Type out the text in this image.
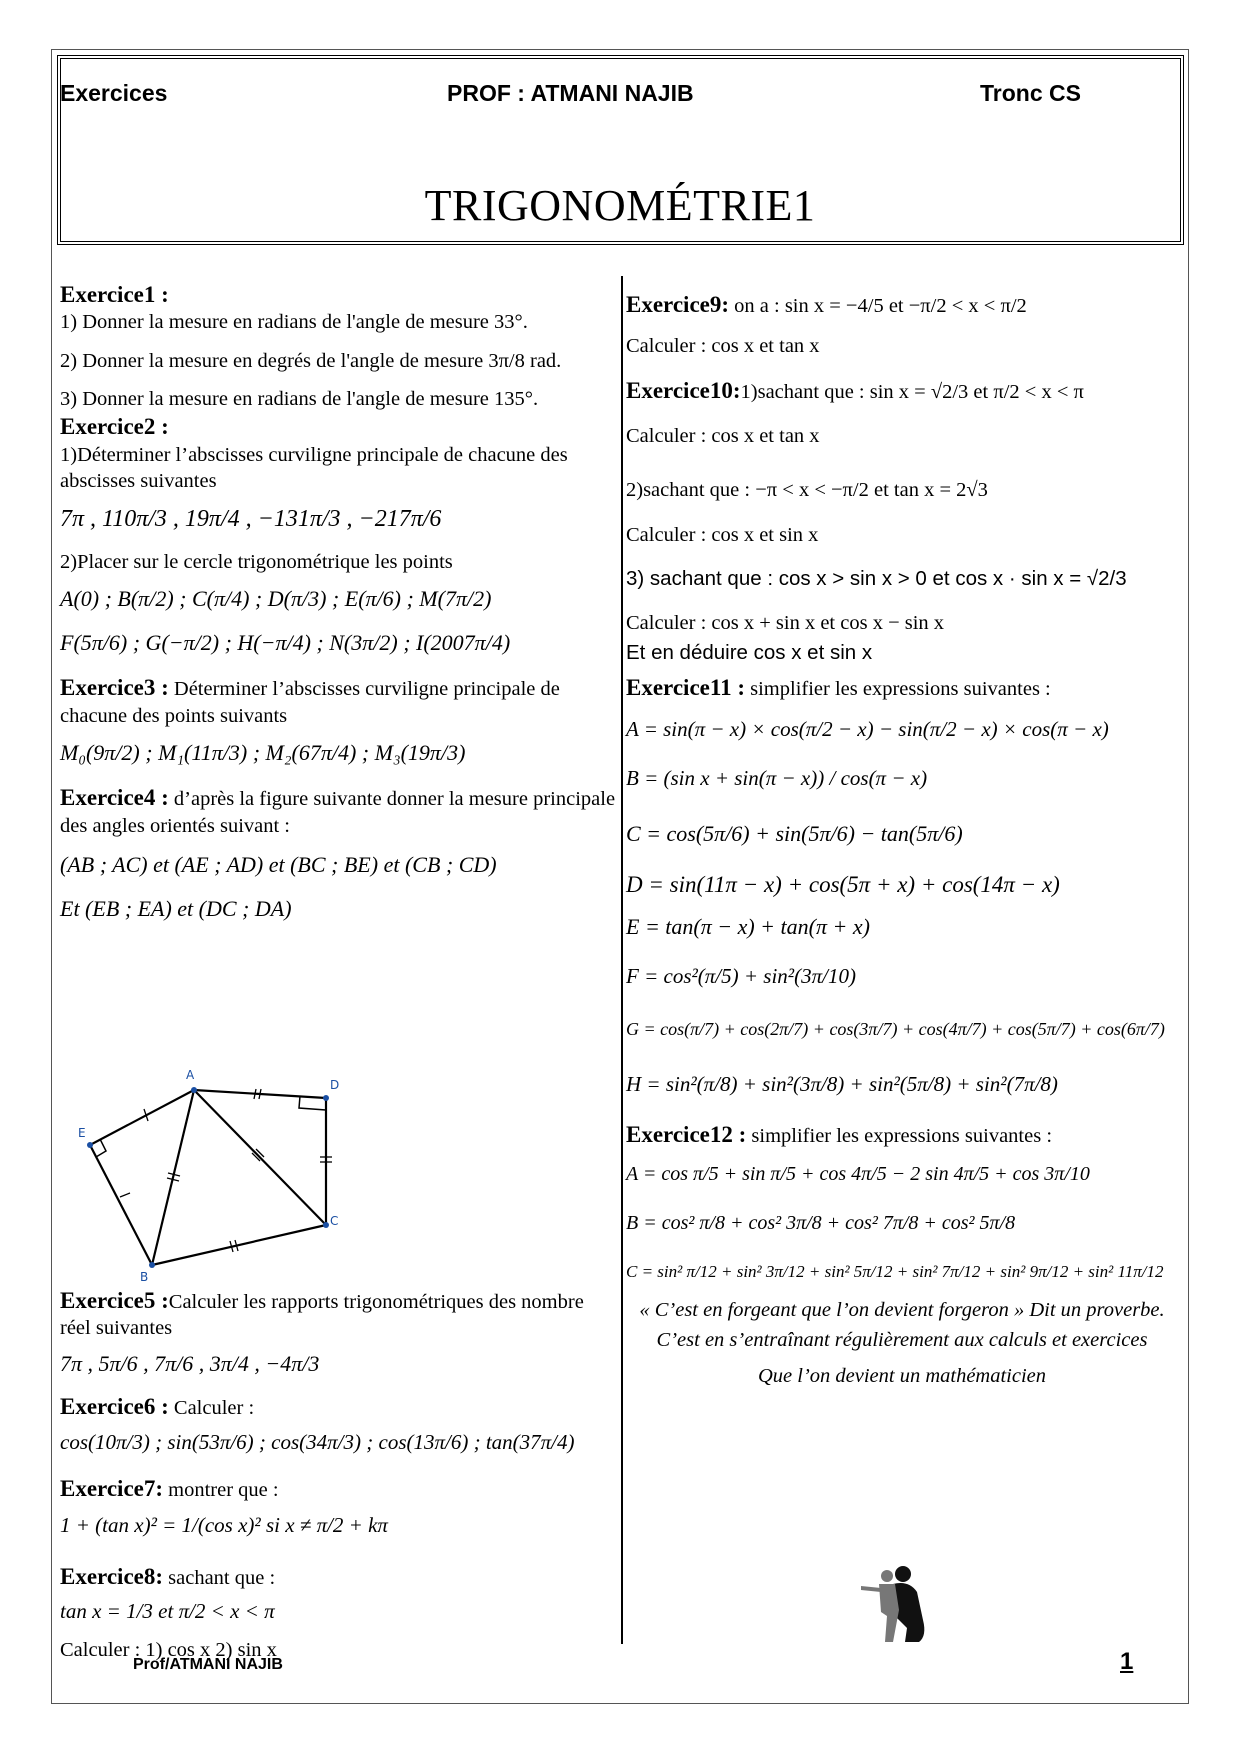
Exercices	PROF : ATMANI NAJIB	Tronc CS
TRIGONOMÉTRIE1

Exercice1 :

1) Donner la mesure en radians de l'angle de mesure 33°.

2) Donner la mesure en degrés de l'angle de mesure 3π/8 rad.

3) Donner la mesure en radians de l'angle de mesure 135°.

Exercice2 :

1)Déterminer l’abscisses curviligne principale de chacune des abscisses suivantes

7π , 110π/3 , 19π/4 , −131π/3 , −217π/6

2)Placer sur le cercle trigonométrique les points

A(0) ; B(π/2) ; C(π/4) ; D(π/3) ; E(π/6) ; M(7π/2)

F(5π/6) ; G(−π/2) ; H(−π/4) ; N(3π/2) ; I(2007π/4)

Exercice3 : Déterminer l’abscisses curviligne principale de chacune des points suivants

M₀(9π/2) ; M₁(11π/3) ; M₂(67π/4) ; M₃(19π/3)

Exercice4 : d’après la figure suivante donner la mesure principale des angles orientés suivant :

(AB ; AC) et (AE ; AD) et (BC ; BE) et (CB ; CD)

Et (EB ; EA) et (DC ; DA)

A
E
D
B
C

Exercice5 :Calculer les rapports trigonométriques des nombre réel suivantes

7π , 5π/6 , 7π/6 , 3π/4 , −4π/3

Exercice6 : Calculer :

cos(10π/3) ; sin(53π/6) ; cos(34π/3) ; cos(13π/6) ; tan(37π/4)

Exercice7: montrer que :

1 + (tan x)² = 1/(cos x)² si x ≠ π/2 + kπ

Exercice8: sachant que :

tan x = 1/3 et π/2 < x < π

Calculer : 1) cos x 2) sin x

Exercice9: on a : sin x = −4/5 et −π/2 < x < π/2

Calculer : cos x et tan x

Exercice10:1)sachant que : sin x = √2/3 et π/2 < x < π

Calculer : cos x et tan x

2)sachant que : −π < x < −π/2 et tan x = 2√3

Calculer : cos x et sin x

3) sachant que : cos x > sin x > 0 et cos x · sin x = √2/3

Calculer : cos x + sin x et cos x − sin x

Et en déduire cos x et sin x

Exercice11 : simplifier les expressions suivantes :

A = sin(π − x) × cos(π/2 − x) − sin(π/2 − x) × cos(π − x)

B = (sin x + sin(π − x)) / cos(π − x)

C = cos(5π/6) + sin(5π/6) − tan(5π/6)

D = sin(11π − x) + cos(5π + x) + cos(14π − x)

E = tan(π − x) + tan(π + x)

F = cos²(π/5) + sin²(3π/10)

G = cos(π/7) + cos(2π/7) + cos(3π/7) + cos(4π/7) + cos(5π/7) + cos(6π/7)

H = sin²(π/8) + sin²(3π/8) + sin²(5π/8) + sin²(7π/8)

Exercice12 : simplifier les expressions suivantes :

A = cos π/5 + sin π/5 + cos 4π/5 − 2 sin 4π/5 + cos 3π/10

B = cos² π/8 + cos² 3π/8 + cos² 7π/8 + cos² 5π/8

C = sin² π/12 + sin² 3π/12 + sin² 5π/12 + sin² 7π/12 + sin² 9π/12 + sin² 11π/12

« C’est en forgeant que l’on devient forgeron » Dit un proverbe.

C’est en s’entraînant régulièrement aux calculs et exercices

Que l’on devient un mathématicien

Prof/ATMANI NAJIB	1
